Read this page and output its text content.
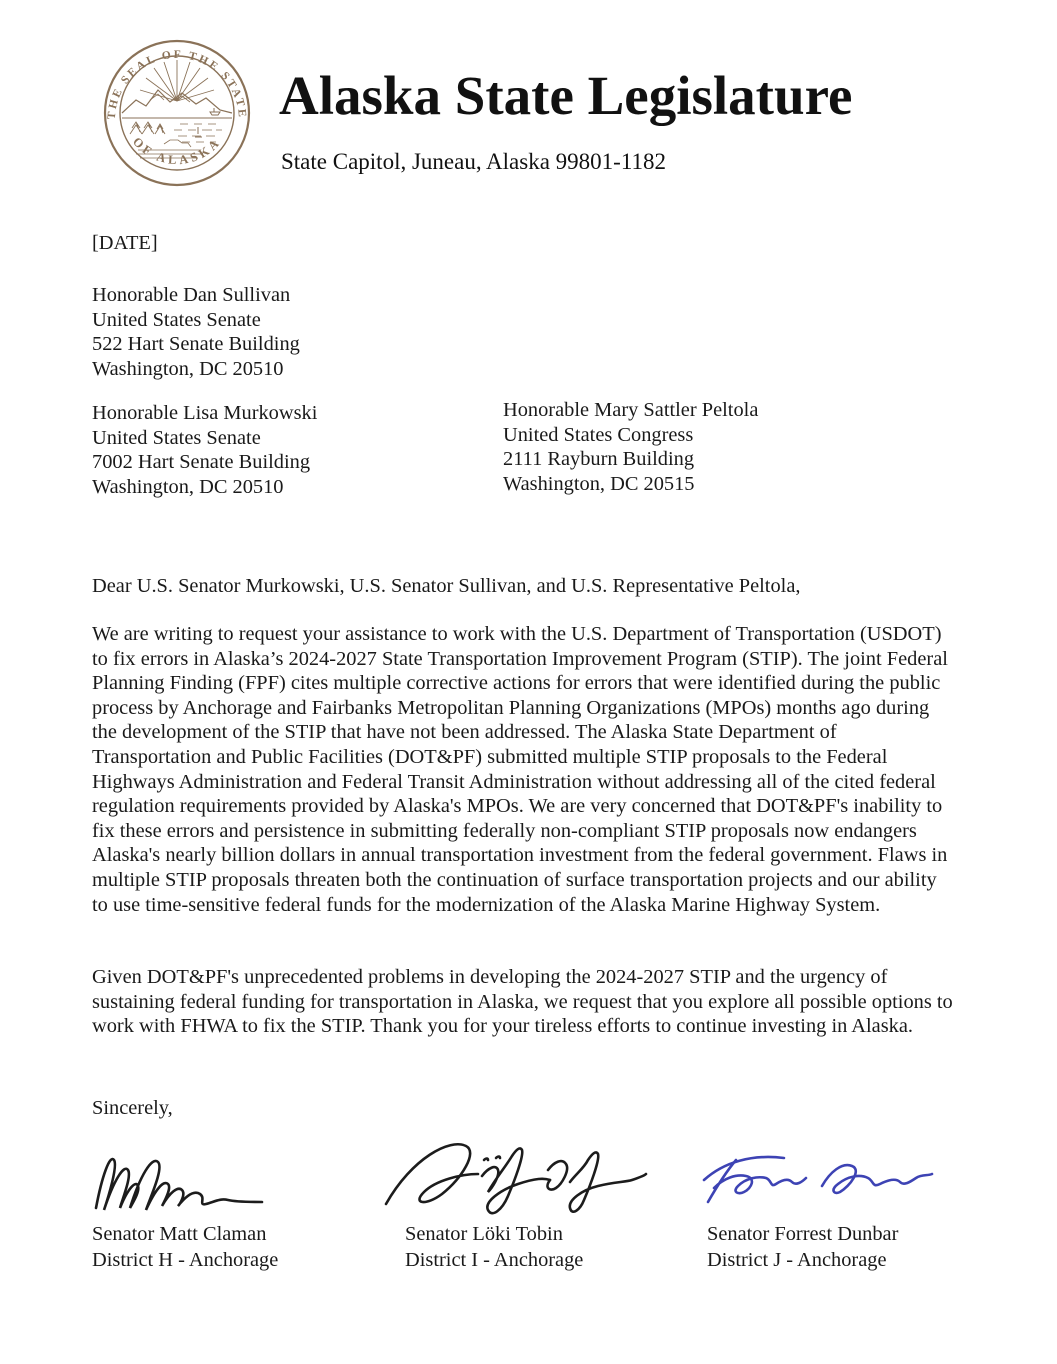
THE SEAL OF THE STATE
OF ALASKA
Alaska State Legislature
State Capitol, Juneau, Alaska 99801-1182
[DATE]
Honorable Dan Sullivan
United States Senate
522 Hart Senate Building
Washington, DC 20510
Honorable Lisa Murkowski
United States Senate
7002 Hart Senate Building
Washington, DC 20510
Honorable Mary Sattler Peltola
United States Congress
2111 Rayburn Building
Washington, DC 20515
Dear U.S. Senator Murkowski, U.S. Senator Sullivan, and U.S. Representative Peltola,
We are writing to request your assistance to work with the U.S. Department of Transportation (USDOT) to fix errors in Alaska’s 2024-2027 State Transportation Improvement Program (STIP). The joint Federal Planning Finding (FPF) cites multiple corrective actions for errors that were identified during the public process by Anchorage and Fairbanks Metropolitan Planning Organizations (MPOs) months ago during the development of the STIP that have not been addressed. The Alaska State Department of Transportation and Public Facilities (DOT&PF) submitted multiple STIP proposals to the Federal Highways Administration and Federal Transit Administration without addressing all of the cited federal regulation requirements provided by Alaska's MPOs. We are very concerned that DOT&PF's inability to fix these errors and persistence in submitting federally non-compliant STIP proposals now endangers Alaska's nearly billion dollars in annual transportation investment from the federal government. Flaws in multiple STIP proposals threaten both the continuation of surface transportation projects and our ability to use time-sensitive federal funds for the modernization of the Alaska Marine Highway System.
Given DOT&PF's unprecedented problems in developing the 2024-2027 STIP and the urgency of sustaining federal funding for transportation in Alaska, we request that you explore all possible options to work with FHWA to fix the STIP. Thank you for your tireless efforts to continue investing in Alaska.
Sincerely,
Senator Matt Claman
District H - Anchorage
Senator Löki Tobin
District I - Anchorage
Senator Forrest Dunbar
District J - Anchorage
